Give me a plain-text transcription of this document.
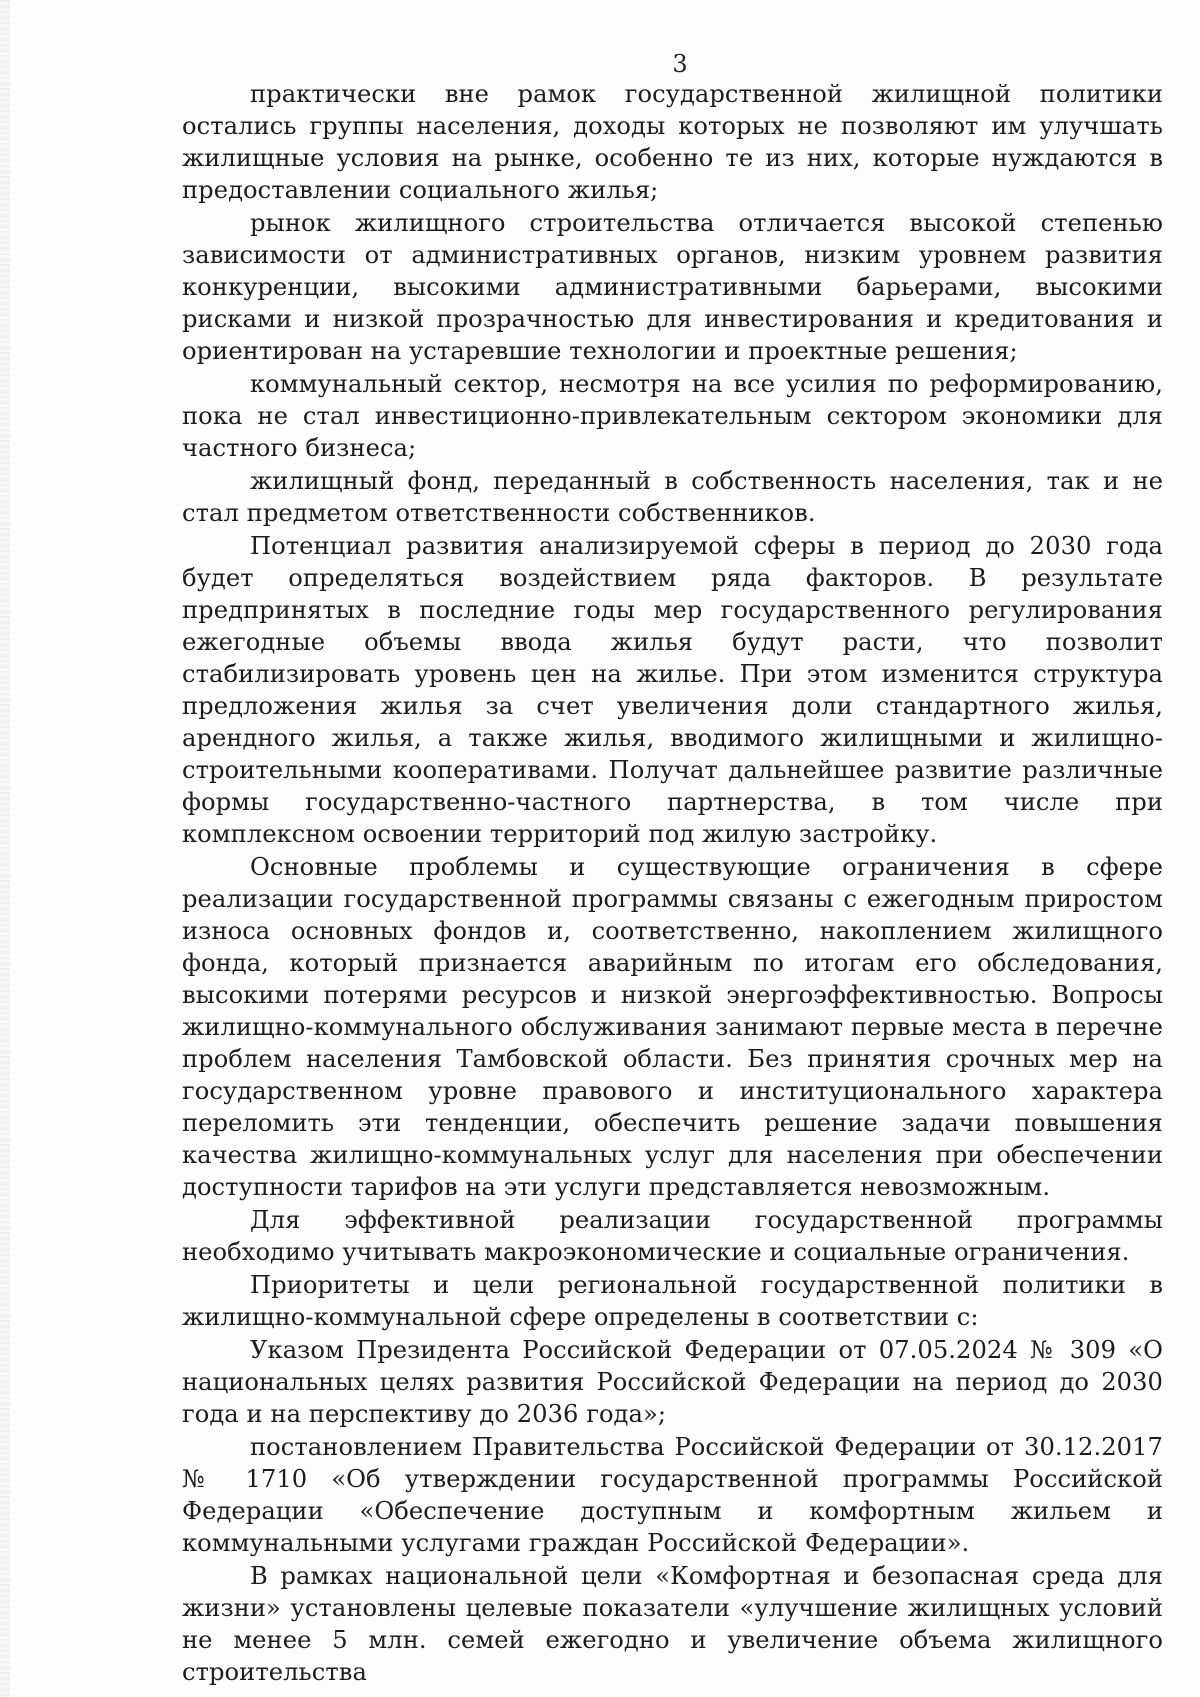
3

практически вне рамок государственной жилищной политики остались группы населения, доходы которых не позволяют им улучшать жилищные условия на рынке, особенно те из них, которые нуждаются в предоставлении социального жилья;

рынок жилищного строительства отличается высокой степенью зависимости от административных органов, низким уровнем развития конкуренции, высокими административными барьерами, высокими рисками и низкой прозрачностью для инвестирования и кредитования и ориентирован на устаревшие технологии и проектные решения;

коммунальный сектор, несмотря на все усилия по реформированию, пока не стал инвестиционно-привлекательным сектором экономики для частного бизнеса;

жилищный фонд, переданный в собственность населения, так и не стал предметом ответственности собственников.

Потенциал развития анализируемой сферы в период до 2030 года будет определяться воздействием ряда факторов. В результате предпринятых в последние годы мер государственного регулирования ежегодные объемы ввода жилья будут расти, что позволит стабилизировать уровень цен на жилье. При этом изменится структура предложения жилья за счет увеличения доли стандартного жилья, арендного жилья, а также жилья, вводимого жилищными и жилищно-строительными кооперативами. Получат дальнейшее развитие различные формы государственно-частного партнерства, в том числе при комплексном освоении территорий под жилую застройку.

Основные проблемы и существующие ограничения в сфере реализации государственной программы связаны с ежегодным приростом износа основных фондов и, соответственно, накоплением жилищного фонда, который признается аварийным по итогам его обследования, высокими потерями ресурсов и низкой энергоэффективностью. Вопросы жилищно-коммунального обслуживания занимают первые места в перечне проблем населения Тамбовской области. Без принятия срочных мер на государственном уровне правового и институционального характера переломить эти тенденции, обеспечить решение задачи повышения качества жилищно-коммунальных услуг для населения при обеспечении доступности тарифов на эти услуги представляется невозможным.

Для эффективной реализации государственной программы необходимо учитывать макроэкономические и социальные ограничения.

Приоритеты и цели региональной государственной политики в жилищно-коммунальной сфере определены в соответствии с:

Указом Президента Российской Федерации от 07.05.2024 № 309 «О национальных целях развития Российской Федерации на период до 2030 года и на перспективу до 2036 года»;

постановлением Правительства Российской Федерации от 30.12.2017 № 1710 «Об утверждении государственной программы Российской Федерации «Обеспечение доступным и комфортным жильем и коммунальными услугами граждан Российской Федерации».

В рамках национальной цели «Комфортная и безопасная среда для жизни» установлены целевые показатели «улучшение жилищных условий не менее 5 млн. семей ежегодно и увеличение объема жилищного строительства
